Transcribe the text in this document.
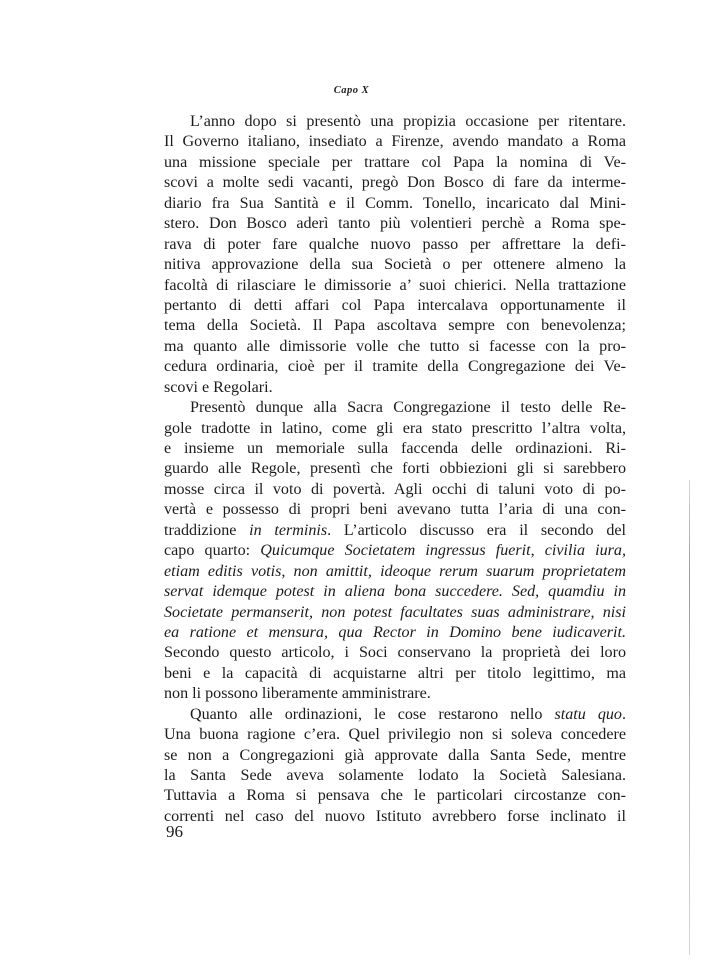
Capo X
L’anno dopo si presentò una propizia occasione per ritentare.
Il Governo italiano, insediato a Firenze, avendo mandato a Roma
una missione speciale per trattare col Papa la nomina di Ve-
scovi a molte sedi vacanti, pregò Don Bosco di fare da interme-
diario fra Sua Santità e il Comm. Tonello, incaricato dal Mini-
stero. Don Bosco aderì tanto più volentieri perchè a Roma spe-
rava di poter fare qualche nuovo passo per affrettare la defi-
nitiva approvazione della sua Società o per ottenere almeno la
facoltà di rilasciare le dimissorie a’ suoi chierici. Nella trattazione
pertanto di detti affari col Papa intercalava opportunamente il
tema della Società. Il Papa ascoltava sempre con benevolenza;
ma quanto alle dimissorie volle che tutto si facesse con la pro-
cedura ordinaria, cioè per il tramite della Congregazione dei Ve-
scovi e Regolari.
Presentò dunque alla Sacra Congregazione il testo delle Re-
gole tradotte in latino, come gli era stato prescritto l’altra volta,
e insieme un memoriale sulla faccenda delle ordinazioni. Ri-
guardo alle Regole, presentì che forti obbiezioni gli si sarebbero
mosse circa il voto di povertà. Agli occhi di taluni voto di po-
vertà e possesso di propri beni avevano tutta l’aria di una con-
traddizione in terminis. L’articolo discusso era il secondo del
capo quarto: Quicumque Societatem ingressus fuerit, civilia iura,
etiam editis votis, non amittit, ideoque rerum suarum proprietatem
servat idemque potest in aliena bona succedere. Sed, quamdiu in
Societate permanserit, non potest facultates suas administrare, nisi
ea ratione et mensura, qua Rector in Domino bene iudicaverit.
Secondo questo articolo, i Soci conservano la proprietà dei loro
beni e la capacità di acquistarne altri per titolo legittimo, ma
non li possono liberamente amministrare.
Quanto alle ordinazioni, le cose restarono nello statu quo.
Una buona ragione c’era. Quel privilegio non si soleva concedere
se non a Congregazioni già approvate dalla Santa Sede, mentre
la Santa Sede aveva solamente lodato la Società Salesiana.
Tuttavia a Roma si pensava che le particolari circostanze con-
correnti nel caso del nuovo Istituto avrebbero forse inclinato il
96
